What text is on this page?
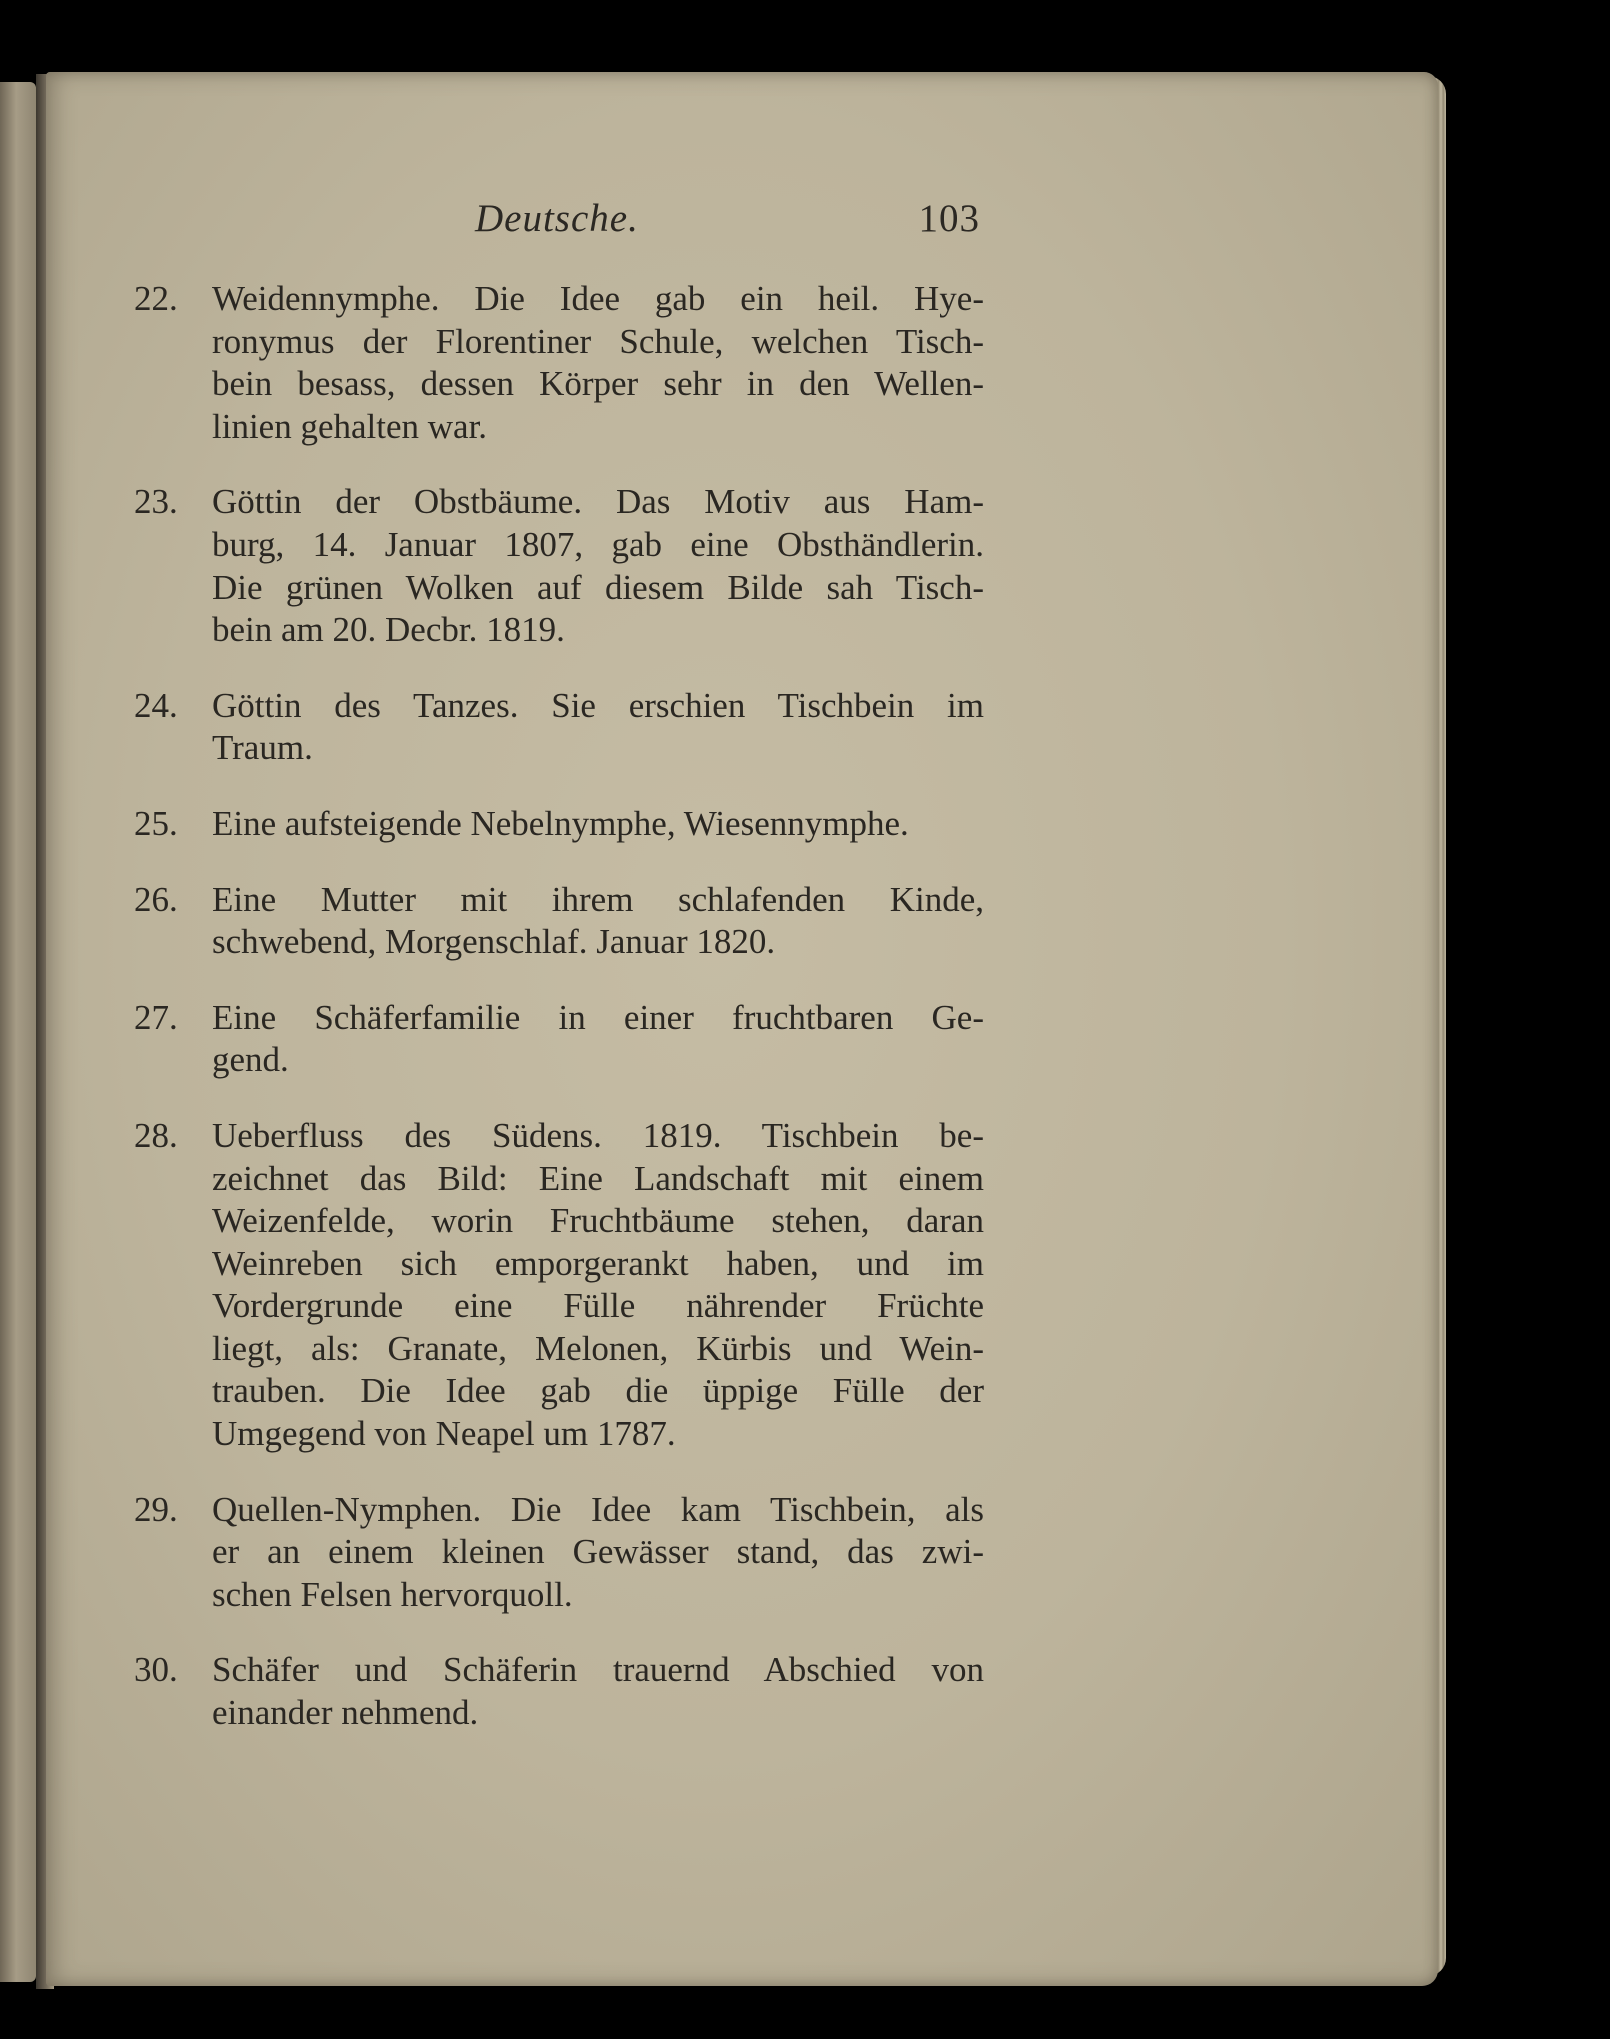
Deutsche.	103
22. Weidennymphe. Die Idee gab ein heil. Hye-
ronymus der Florentiner Schule, welchen Tisch-
bein besass, dessen Körper sehr in den Wellen-
linien gehalten war.
23. Göttin der Obstbäume. Das Motiv aus Ham-
burg, 14. Januar 1807, gab eine Obsthändlerin.
Die grünen Wolken auf diesem Bilde sah Tisch-
bein am 20. Decbr. 1819.
24. Göttin des Tanzes. Sie erschien Tischbein im
Traum.
25. Eine aufsteigende Nebelnymphe, Wiesennymphe.
26. Eine Mutter mit ihrem schlafenden Kinde,
schwebend, Morgenschlaf. Januar 1820.
27. Eine Schäferfamilie in einer fruchtbaren Ge-
gend.
28. Ueberfluss des Südens. 1819. Tischbein be-
zeichnet das Bild: Eine Landschaft mit einem
Weizenfelde, worin Fruchtbäume stehen, daran
Weinreben sich emporgerankt haben, und im
Vordergrunde eine Fülle nährender Früchte
liegt, als: Granate, Melonen, Kürbis und Wein-
trauben. Die Idee gab die üppige Fülle der
Umgegend von Neapel um 1787.
29. Quellen-Nymphen. Die Idee kam Tischbein, als
er an einem kleinen Gewässer stand, das zwi-
schen Felsen hervorquoll.
30. Schäfer und Schäferin trauernd Abschied von
einander nehmend.
